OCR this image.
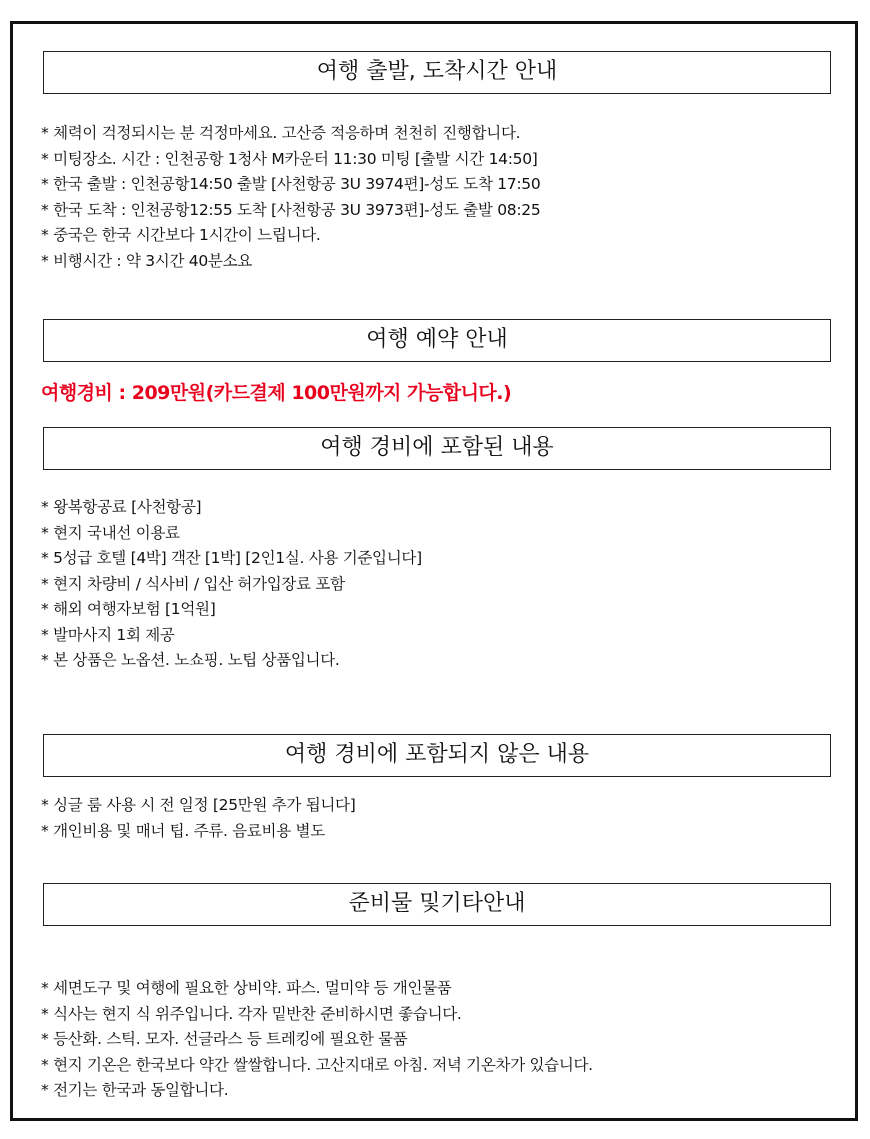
여행 출발, 도착시간 안내
* 체력이 걱정되시는 분 걱정마세요. 고산증 적응하며 천천히 진행합니다.
* 미팅장소. 시간 : 인천공항 1청사 M카운터 11:30 미팅 [출발 시간 14:50]
* 한국 출발 : 인천공항14:50 출발 [사천항공 3U 3974편]-성도 도착 17:50
* 한국 도착 : 인천공항12:55 도착 [사천항공 3U 3973편]-성도 출발 08:25
* 중국은 한국 시간보다 1시간이 느립니다.
* 비행시간 : 약 3시간 40분소요
여행 예약 안내
여행경비 : 209만원(카드결제 100만원까지 가능합니다.)
여행 경비에 포함된 내용
* 왕복항공료 [사천항공]
* 현지 국내선 이용료
* 5성급 호텔 [4박] 객잔 [1박] [2인1실. 사용 기준입니다]
* 현지 차량비 / 식사비 / 입산 허가입장료 포함
* 해외 여행자보험 [1억원]
* 발마사지 1회 제공
* 본 상품은 노옵션. 노쇼핑. 노팁 상품입니다.
여행 경비에 포함되지 않은 내용
* 싱글 룸 사용 시 전 일정 [25만원 추가 됩니다]
* 개인비용 및 매너 팁. 주류. 음료비용 별도
준비물 및기타안내
* 세면도구 및 여행에 필요한 상비약. 파스. 멀미약 등 개인물품
* 식사는 현지 식 위주입니다. 각자 밑반찬 준비하시면 좋습니다.
* 등산화. 스틱. 모자. 선글라스 등 트레킹에 필요한 물품
* 현지 기온은 한국보다 약간 쌀쌀합니다. 고산지대로 아침. 저녁 기온차가 있습니다.
* 전기는 한국과 동일합니다.
